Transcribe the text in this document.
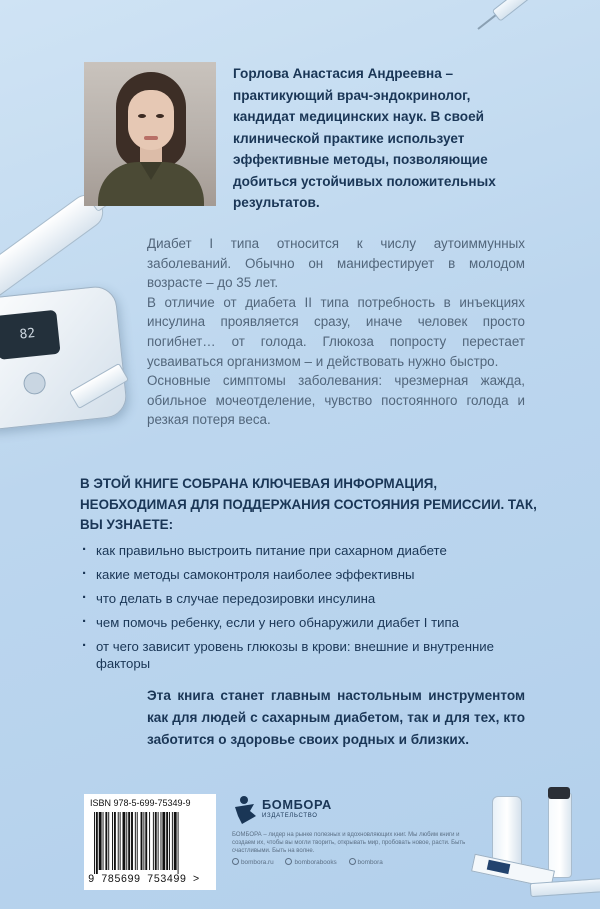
82

Горлова Анастасия Андреевна – практикующий врач-эндокринолог, кандидат медицинских наук. В своей клинической практике использует эффективные методы, позволяющие добиться устойчивых положительных результатов.

Диабет I типа относится к числу аутоиммунных заболеваний. Обычно он манифестирует в молодом возрасте – до 35 лет.

В отличие от диабета II типа потребность в инъекциях инсулина проявляется сразу, иначе человек просто погибнет… от голода. Глюкоза попросту перестает усваиваться организмом – и действовать нужно быстро.

Основные симптомы заболевания: чрезмерная жажда, обильное мочеотделение, чувство постоянного голода и резкая потеря веса.

В ЭТОЙ КНИГЕ СОБРАНА КЛЮЧЕВАЯ ИНФОРМАЦИЯ, НЕОБХОДИМАЯ ДЛЯ ПОДДЕРЖАНИЯ СОСТОЯНИЯ РЕМИССИИ. ТАК, ВЫ УЗНАЕТЕ:

· как правильно выстроить питание при сахарном диабете
· какие методы самоконтроля наиболее эффективны
· что делать в случае передозировки инсулина
· чем помочь ребенку, если у него обнаружили диабет I типа
· от чего зависит уровень глюкозы в крови: внешние и внутренние факторы

Эта книга станет главным настольным инструментом как для людей с сахарным диабетом, так и для тех, кто заботится о здоровье своих родных и близких.

ISBN 978-5-699-75349-9
9 785699 753499 >
БОМБОРА
ИЗДАТЕЛЬСТВО

БОМБОРА – лидер на рынке полезных и вдохновляющих книг. Мы любим книги и создаем их, чтобы вы могли творить, открывать мир, пробовать новое, расти. Быть счастливыми. Быть на волне.

bombora.ru	bomborabooks	bombora
